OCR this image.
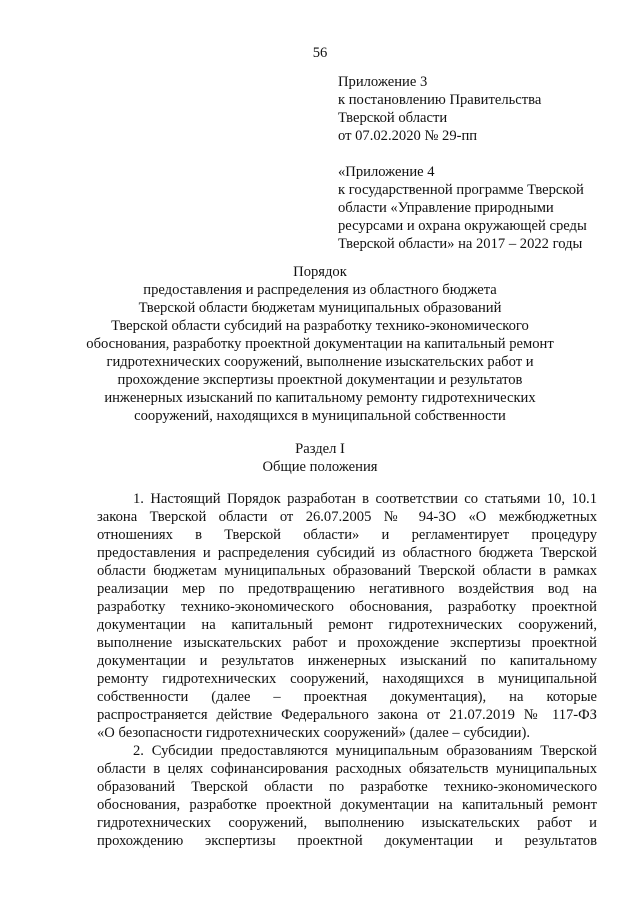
56
Приложение 3
к постановлению Правительства
Тверской области
от 07.02.2020 № 29-пп
«Приложение 4
к государственной программе Тверской
области «Управление природными
ресурсами и охрана окружающей среды
Тверской области» на 2017 – 2022 годы
Порядок
предоставления и распределения из областного бюджета
Тверской области бюджетам муниципальных образований
Тверской области субсидий на разработку технико-экономического
обоснования, разработку проектной документации на капитальный ремонт
гидротехнических сооружений, выполнение изыскательских работ и
прохождение экспертизы проектной документации и результатов
инженерных изысканий по капитальному ремонту гидротехнических
сооружений, находящихся в муниципальной собственности
Раздел I
Общие положения
1. Настоящий Порядок разработан в соответствии со статьями 10, 10.1
закона Тверской области от 26.07.2005 № 94-ЗО «О межбюджетных
отношениях в Тверской области» и регламентирует процедуру
предоставления и распределения субсидий из областного бюджета Тверской
области бюджетам муниципальных образований Тверской области в рамках
реализации мер по предотвращению негативного воздействия вод на
разработку технико-экономического обоснования, разработку проектной
документации на капитальный ремонт гидротехнических сооружений,
выполнение изыскательских работ и прохождение экспертизы проектной
документации и результатов инженерных изысканий по капитальному
ремонту гидротехнических сооружений, находящихся в муниципальной
собственности (далее – проектная документация), на которые
распространяется действие Федерального закона от 21.07.2019 № 117-ФЗ
«О безопасности гидротехнических сооружений» (далее – субсидии).
2. Субсидии предоставляются муниципальным образованиям Тверской
области в целях софинансирования расходных обязательств муниципальных
образований Тверской области по разработке технико-экономического
обоснования, разработке проектной документации на капитальный ремонт
гидротехнических сооружений, выполнению изыскательских работ и
прохождению экспертизы проектной документации и результатов
